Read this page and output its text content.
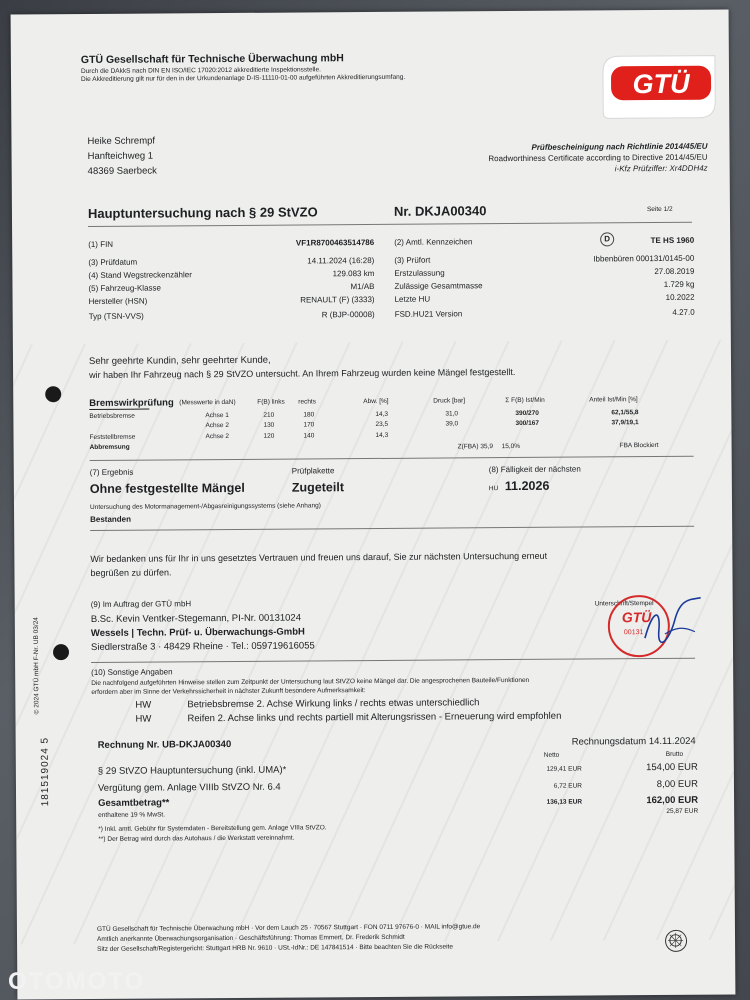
GTÜ Gesellschaft für Technische Überwachung mbH
Durch die DAkkS nach DIN EN ISO/IEC 17020:2012 akkreditierte Inspektionsstelle.
Die Akkreditierung gilt nur für den in der Urkundenanlage D-IS-11110-01-00 aufgeführten Akkreditierungsumfang.	GTÜ
Heike Schrempf
Hanfteichweg 1
48369 Saerbeck
Prüfbescheinigung nach Richtlinie 2014/45/EU
Roadworthiness Certificate according to Directive 2014/45/EU
i-Kfz Prüfziffer: Xr4DDH4z
Hauptuntersuchung nach § 29 StVZO	Nr. DKJA00340	Seite 1/2
(1) FIN	VF1R8700463514786
(3) Prüfdatum	14.11.2024 (16:28)
(4) Stand Wegstreckenzähler	129.083 km
(5) Fahrzeug-Klasse	M1/AB
Hersteller (HSN)	RENAULT (F) (3333)
Typ (TSN-VVS)	R (BJP-00008)
(2) Amtl. Kennzeichen	D	TE HS 1960
(3) Prüfort	Ibbenbüren 000131/0145-00
Erstzulassung	27.08.2019
Zulässige Gesamtmasse	1.729 kg
Letzte HU	10.2022
FSD.HU21 Version	4.27.0
Sehr geehrte Kundin, sehr geehrter Kunde,
wir haben Ihr Fahrzeug nach § 29 StVZO untersucht. An Ihrem Fahrzeug wurden keine Mängel festgestellt.
Bremswirkprüfung (Messwerte in daN)	F(B) links rechts	Abw. [%]	Druck [bar]	Σ F(B) Ist/Min	Anteil Ist/Min [%]
Betriebsbremse	Achse 1	210	180	14,3	31,0	390/270	62,1/55,8
Achse 2	130	170	23,5	39,0	300/167	37,9/19,1
Feststellbremse	Achse 2	120	140	14,3
Abbremsung	Z(FBA) 35,9 15,0%	FBA Blockiert
(7) Ergebnis
Ohne festgestellte Mängel
Prüfplakette
Zugeteilt
(8) Fälligkeit der nächsten
HU 11.2026
Untersuchung des Motormanagement-/Abgasreinigungssystems (siehe Anhang)
Bestanden
Wir bedanken uns für Ihr in uns gesetztes Vertrauen und freuen uns darauf, Sie zur nächsten Untersuchung erneut
begrüßen zu dürfen.
(9) Im Auftrag der GTÜ mbH
B.Sc. Kevin Ventker-Stegemann, PI-Nr. 00131024
Wessels | Techn. Prüf- u. Überwachungs-GmbH
Siedlerstraße 3 · 48429 Rheine · Tel.: 059719616055
Unterschrift/Stempel
GTÜ
00131
(10) Sonstige Angaben
Die nachfolgend aufgeführten Hinweise stellen zum Zeitpunkt der Untersuchung laut StVZO keine Mängel dar. Die angesprochenen Bauteile/Funktionen
erfordern aber im Sinne der Verkehrssicherheit in nächster Zukunft besondere Aufmerksamkeit:
HW	Betriebsbremse 2. Achse Wirkung links / rechts etwas unterschiedlich
HW	Reifen 2. Achse links und rechts partiell mit Alterungsrissen - Erneuerung wird empfohlen
Rechnung Nr. UB-DKJA00340	Rechnungsdatum 14.11.2024
Netto	Brutto
§ 29 StVZO Hauptuntersuchung (inkl. UMA)*	129,41 EUR	154,00 EUR
Vergütung gem. Anlage VIIIb StVZO Nr. 6.4	6,72 EUR	8,00 EUR
Gesamtbetrag**	136,13 EUR	162,00 EUR
enthaltene 19 % MwSt.
25,87 EUR
*) Inkl. amtl. Gebühr für Systemdaten - Bereitstellung gem. Anlage VIIIa StVZO.
**) Der Betrag wird durch das Autohaus / die Werkstatt vereinnahmt.
GTÜ Gesellschaft für Technische Überwachung mbH · Vor dem Lauch 25 · 70567 Stuttgart · FON 0711 97676-0 · MAIL info@gtue.de
Amtlich anerkannte Überwachungsorganisation · Geschäftsführung: Thomas Emmert, Dr. Frederik Schmidt
Sitz der Gesellschaft/Registergericht: Stuttgart HRB Nr. 9610 · USt.-IdNr.: DE 147841514 · Bitte beachten Sie die Rückseite
© 2024 GTÜ mbH F-Nr. UB 03/24
181519024 5
OTOMOTO
